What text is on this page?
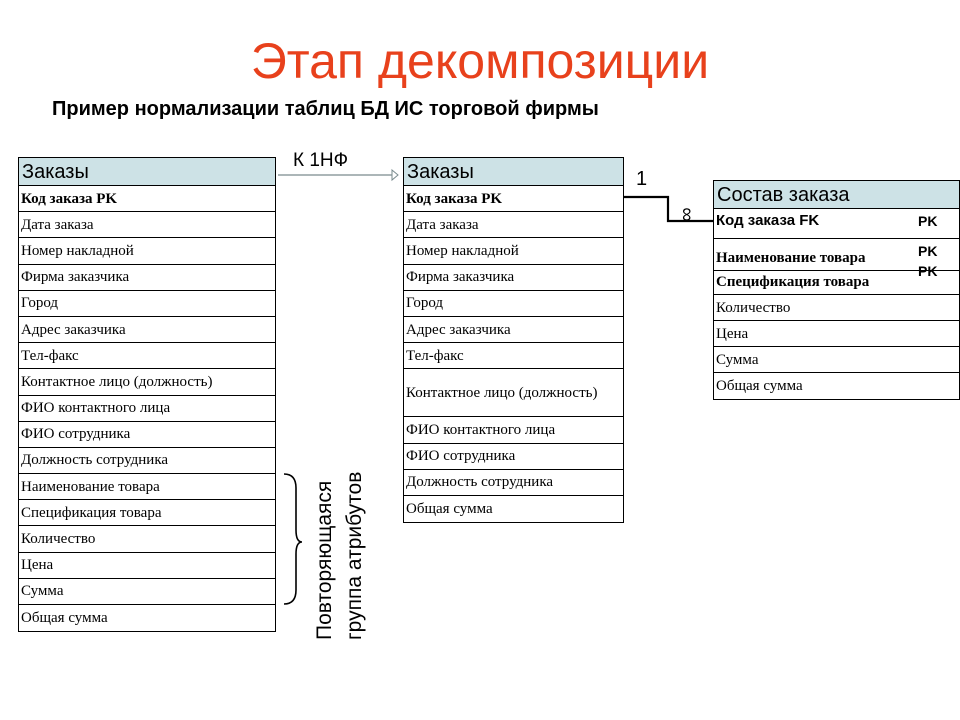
Этап декомпозиции
Пример нормализации таблиц БД ИС торговой фирмы
Заказы
Код заказа PK
Дата заказа
Номер накладной
Фирма заказчика
Город
Адрес заказчика
Тел-факс
Контактное лицо (должность)
ФИО контактного лица
ФИО сотрудника
Должность сотрудника
Наименование товара
Спецификация товара
Количество
Цена
Сумма
Общая сумма
Заказы
Код заказа PK
Дата заказа
Номер накладной
Фирма заказчика
Город
Адрес заказчика
Тел-факс
Контактное лицо (должность)
ФИО контактного лица
ФИО сотрудника
Должность сотрудника
Общая сумма
Состав заказа
Код заказа FK
Наименование товара
Спецификация товара
Количество
Цена
Сумма
Общая сумма
PK
PK
PK
К 1НФ
1
∞
Повторяющаяся группа атрибутов
